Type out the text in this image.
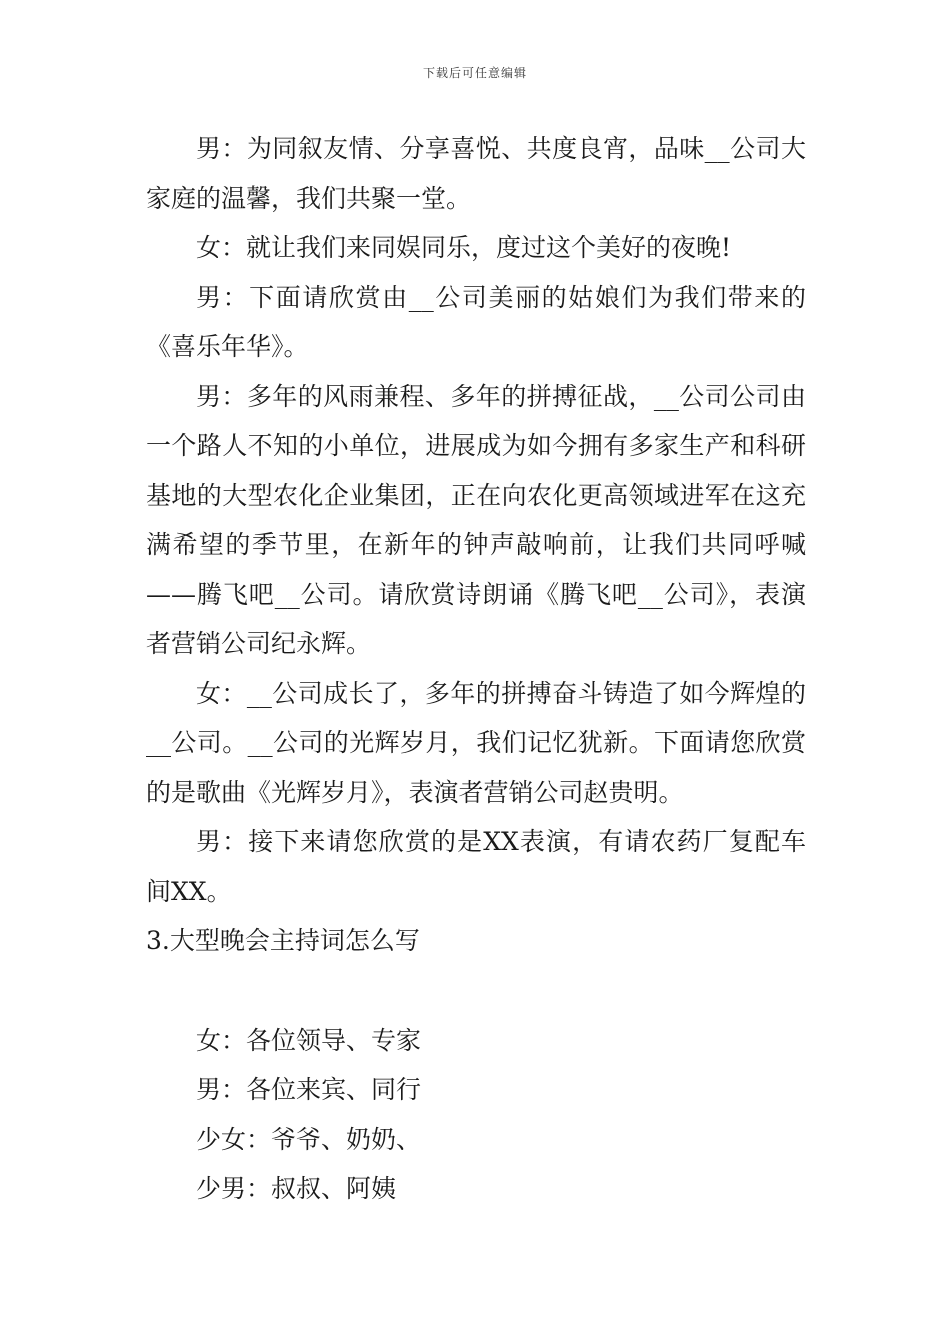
下载后可任意编辑

男：为同叙友情、分享喜悦、共度良宵，品味__公司大家庭的温馨，我们共聚一堂。

女：就让我们来同娱同乐，度过这个美好的夜晚!

男：下面请欣赏由__公司美丽的姑娘们为我们带来的《喜乐年华》。

男：多年的风雨兼程、多年的拼搏征战，__公司公司由一个路人不知的小单位，进展成为如今拥有多家生产和科研基地的大型农化企业集团，正在向农化更高领域进军在这充满希望的季节里，在新年的钟声敲响前，让我们共同呼喊——腾飞吧__公司。请欣赏诗朗诵《腾飞吧__公司》，表演者营销公司纪永辉。

女：__公司成长了，多年的拼搏奋斗铸造了如今辉煌的__公司。__公司的光辉岁月，我们记忆犹新。下面请您欣赏的是歌曲《光辉岁月》，表演者营销公司赵贵明。

男：接下来请您欣赏的是XX表演，有请农药厂复配车间XX。

3.大型晚会主持词怎么写

女：各位领导、专家

男：各位来宾、同行

少女：爷爷、奶奶、

少男：叔叔、阿姨
